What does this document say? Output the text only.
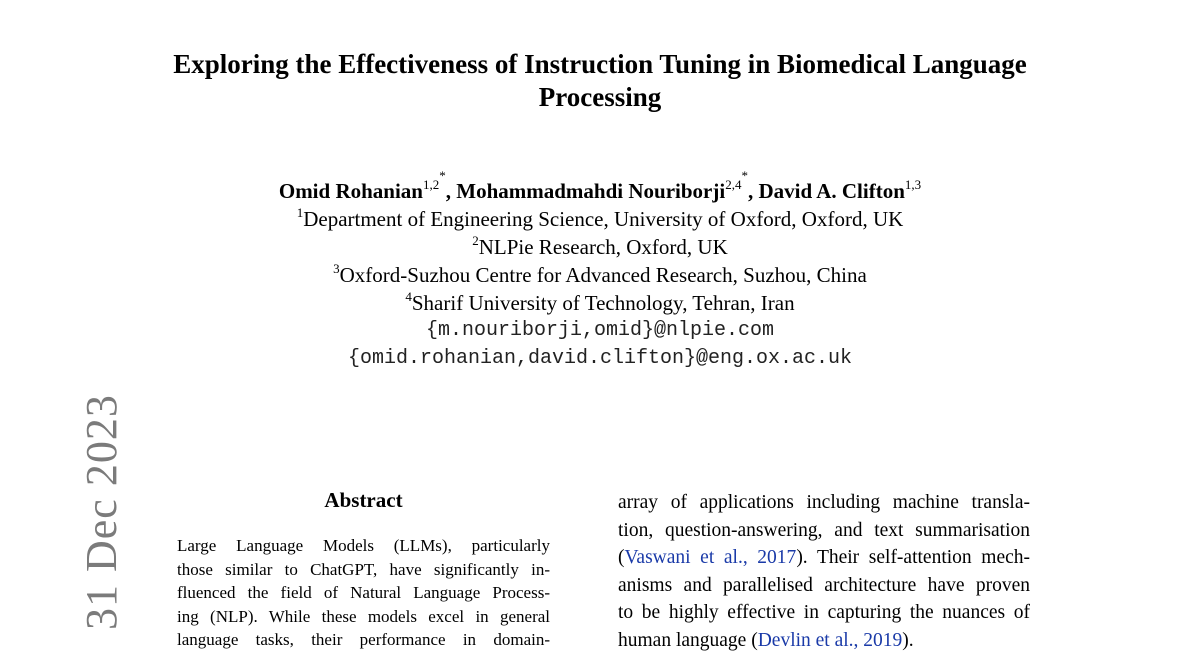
31 Dec 2023
Exploring the Effectiveness of Instruction Tuning in Biomedical Language
Processing
Omid Rohanian$^{1,2^*}$, Mohammadmahdi Nouriborji$^{2,4^*}$, David A. Clifton$^{1,3}$
$^1$Department of Engineering Science, University of Oxford, Oxford, UK
$^2$NLPie Research, Oxford, UK
$^3$Oxford-Suzhou Centre for Advanced Research, Suzhou, China
$^4$Sharif University of Technology, Tehran, Iran
{m.nouriborji,omid}@nlpie.com
{omid.rohanian,david.clifton}@eng.ox.ac.uk
Abstract
Large Language Models (LLMs), particularly
those similar to ChatGPT, have significantly in-
fluenced the field of Natural Language Process-
ing (NLP). While these models excel in general
language tasks, their performance in domain-
array of applications including machine transla-
tion, question-answering, and text summarisation
(Vaswani et al., 2017). Their self-attention mech-
anisms and parallelised architecture have proven
to be highly effective in capturing the nuances of
human language (Devlin et al., 2019).
